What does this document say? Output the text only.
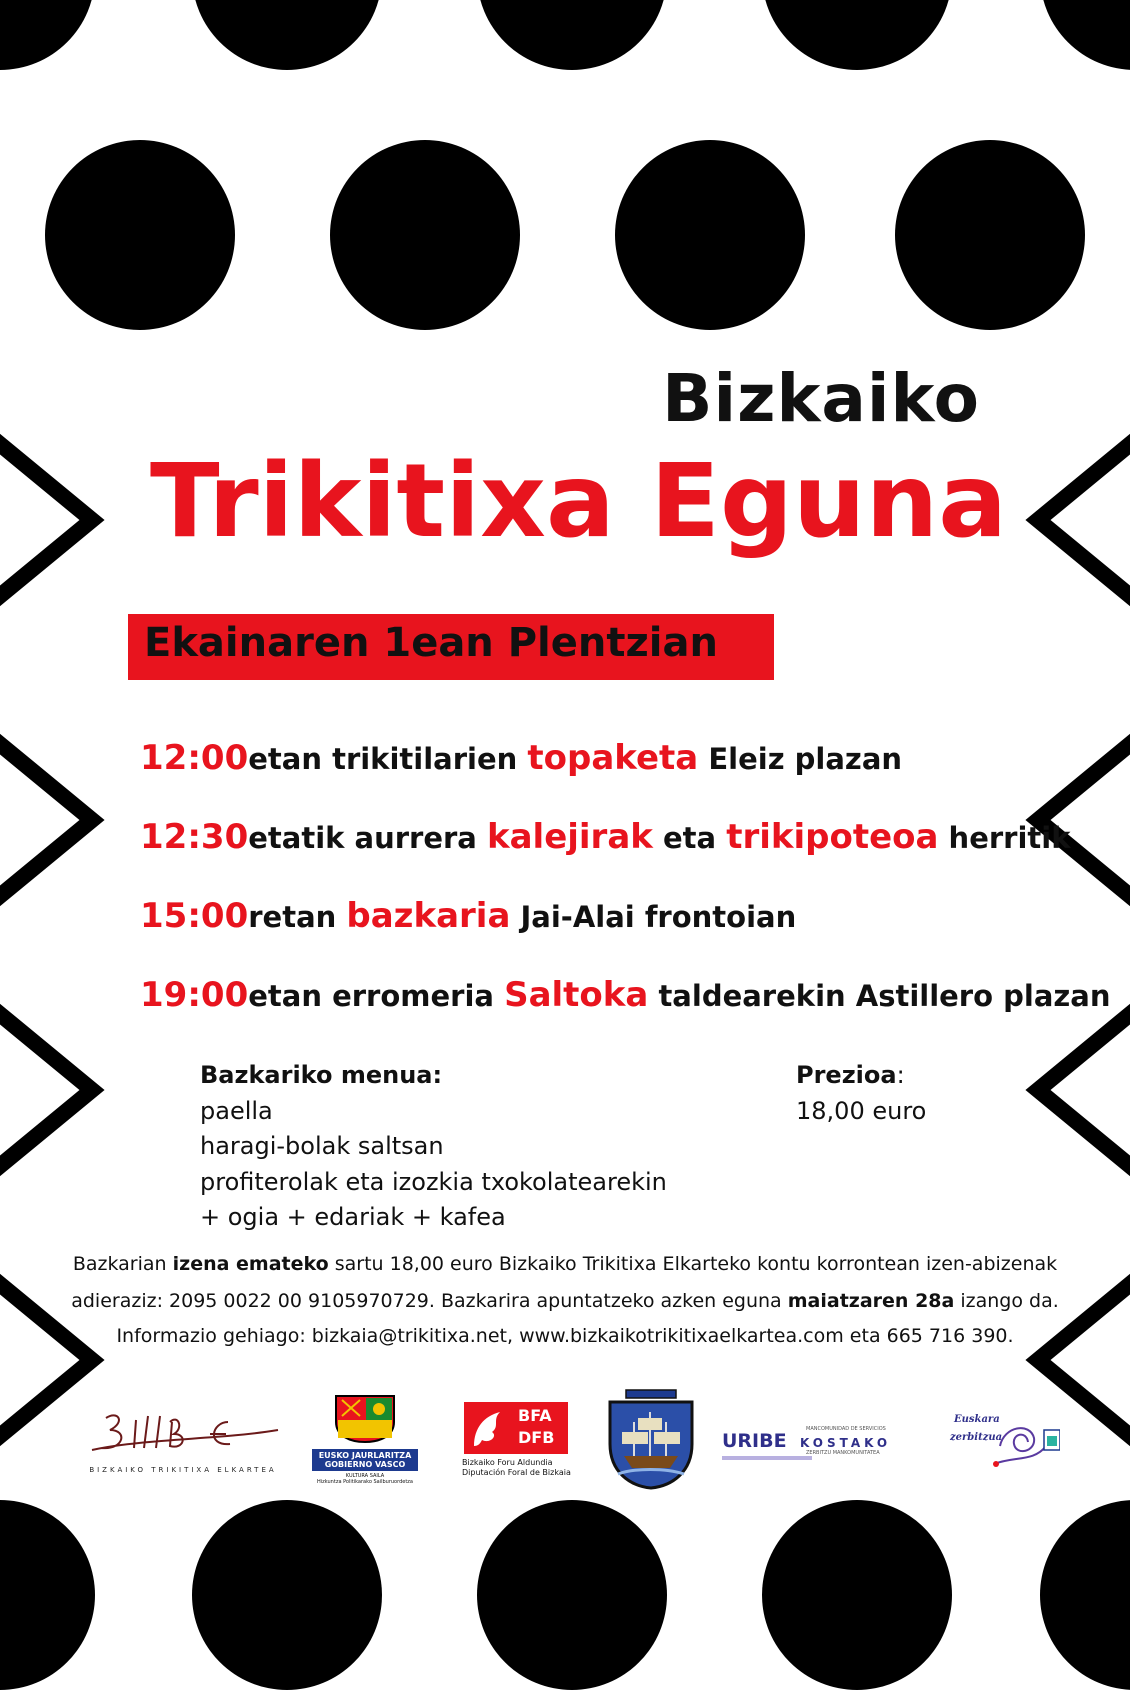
Bizkaiko
Trikitixa Eguna
Ekainaren 1ean Plentzian
12:00etan trikitilarien topaketa Eleiz plazan
12:30etatik aurrera kalejirak eta trikipoteoa herritik
15:00retan bazkaria Jai-Alai frontoian
19:00etan erromeria Saltoka taldearekin Astillero plazan
Bazkariko menua:
paella
haragi-bolak saltsan
profiterolak eta izozkia txokolatearekin
+ ogia + edariak + kafea
Prezioa:
18,00 euro
Bazkarian izena emateko sartu 18,00 euro Bizkaiko Trikitixa Elkarteko kontu korrontean izen-abizenak
adieraziz: 2095 0022 00 9105970729. Bazkarira apuntatzeko azken eguna maiatzaren 28a izango da.
Informazio gehiago: bizkaia@trikitixa.net, www.bizkaikotrikitixaelkartea.com eta 665 716 390.
BIZKAIKO TRIKITIXA ELKARTEA
EUSKO JAURLARITZA
GOBIERNO VASCO
KULTURA SAILA
Hizkuntza Politikarako Sailburuordetza
BFA
DFB
Bizkaiko Foru Aldundia
Diputación Foral de Bizkaia
MANCOMUNIDAD DE SERVICIOS
URIBE KOSTAKO
ZERBITZU MANKOMUNITATEA
Euskara
zerbitzua
